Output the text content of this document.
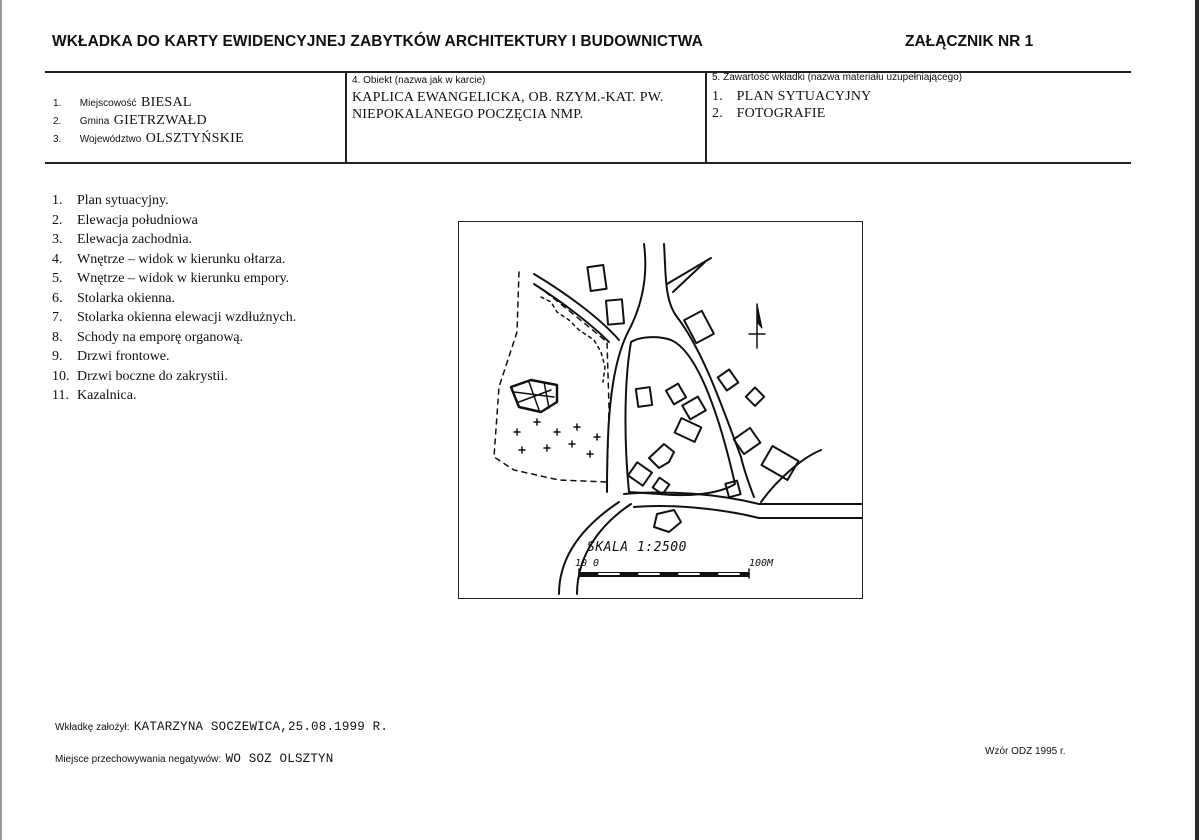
WKŁADKA DO KARTY EWIDENCYJNEJ ZABYTKÓW ARCHITEKTURY I BUDOWNICTWA	ZAŁĄCZNIK NR 1
1. Miejscowość BIESAL
2. Gmina GIETRZWAŁD
3. Województwo OLSZTYŃSKIE
4. Obiekt (nazwa jak w karcie)
KAPLICA EWANGELICKA, OB. RZYM.-KAT. PW.
NIEPOKALANEGO POCZĘCIA NMP.
5. Zawartość wkładki (nazwa materiału uzupełniającego)
1. PLAN SYTUACYJNY
2. FOTOGRAFIE
1. Plan sytuacyjny.
2. Elewacja południowa
3. Elewacja zachodnia.
4. Wnętrze – widok w kierunku ołtarza.
5. Wnętrze – widok w kierunku empory.
6. Stolarka okienna.
7. Stolarka okienna elewacji wzdłużnych.
8. Schody na emporę organową.
9. Drzwi frontowe.
10. Drzwi boczne do zakrystii.
11. Kazalnica.
SKALA 1:2500
10 0	100M
Wkładkę założył: KATARZYNA SOCZEWICA,25.08.1999 R.
Miejsce przechowywania negatywów: WO SOZ OLSZTYN
Wzór ODZ 1995 r.
